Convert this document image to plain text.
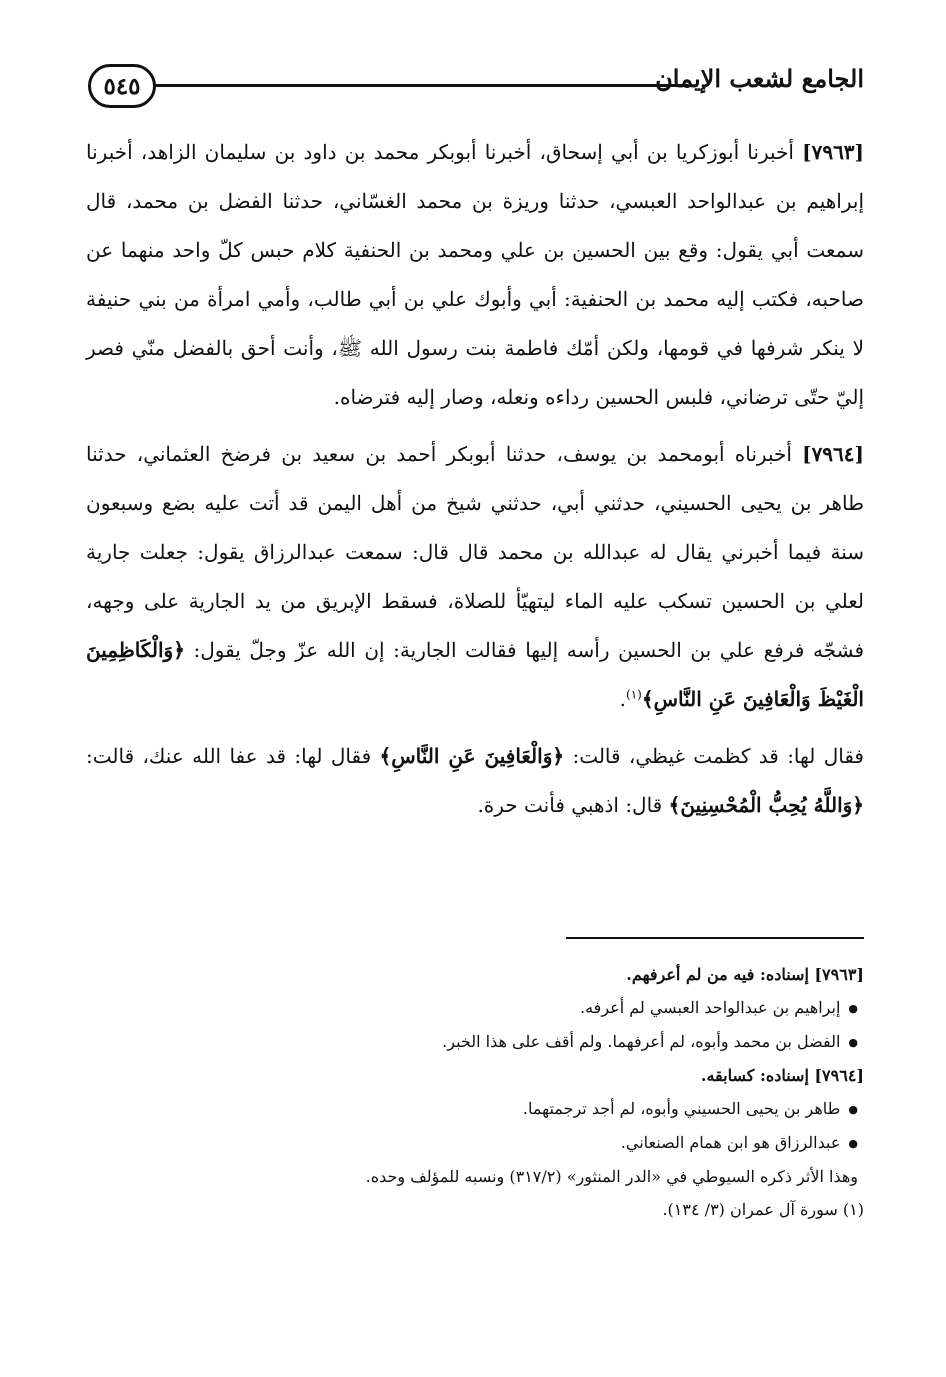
٥٤٥	الجامع لشعب الإيمان

[٧٩٦٣] أخبرنا أبوزكريا بن أبي إسحاق، أخبرنا أبوبكر محمد بن داود بن سليمان الزاهد، أخبرنا إبراهيم بن عبدالواحد العبسي، حدثنا وريزة بن محمد الغسّاني، حدثنا الفضل بن محمد، قال سمعت أبي يقول: وقع بين الحسين بن علي ومحمد بن الحنفية كلام حبس كلّ واحد منهما عن صاحبه، فكتب إليه محمد بن الحنفية: أبي وأبوك علي بن أبي طالب، وأمي امرأة من بني حنيفة لا ينكر شرفها في قومها، ولكن أمّك فاطمة بنت رسول الله ﷺ، وأنت أحق بالفضل منّي فصر إليّ حتّى ترضاني، فلبس الحسين رداءه ونعله، وصار إليه فترضاه.

[٧٩٦٤] أخبرناه أبومحمد بن يوسف، حدثنا أبوبكر أحمد بن سعيد بن فرضخ العثماني، حدثنا طاهر بن يحيى الحسيني، حدثني أبي، حدثني شيخ من أهل اليمن قد أتت عليه بضع وسبعون سنة فيما أخبرني يقال له عبدالله بن محمد قال قال: سمعت عبدالرزاق يقول: جعلت جارية لعلي بن الحسين تسكب عليه الماء ليتهيّأ للصلاة، فسقط الإبريق من يد الجارية على وجهه، فشجّه فرفع علي بن الحسين رأسه إليها فقالت الجارية: إن الله عزّ وجلّ يقول: ﴿وَالْكَاظِمِينَ الْغَيْظَ وَالْعَافِينَ عَنِ النَّاسِ﴾$^{(١)}$.

فقال لها: قد كظمت غيظي، قالت: ﴿وَالْعَافِينَ عَنِ النَّاسِ﴾ فقال لها: قد عفا الله عنك، قالت: ﴿وَاللَّهُ يُحِبُّ الْمُحْسِنِينَ﴾ قال: اذهبي فأنت حرة.

[٧٩٦٣] إسناده: فيه من لم أعرفهم.

● إبراهيم بن عبدالواحد العبسي لم أعرفه.

● الفضل بن محمد وأبوه، لم أعرفهما. ولم أقف على هذا الخبر.

[٧٩٦٤] إسناده: كسابقه.

● طاهر بن يحيى الحسيني وأبوه، لم أجد ترجمتهما.

● عبدالرزاق هو ابن همام الصنعاني.

وهذا الأثر ذكره السيوطي في «الدر المنثور» (٣١٧/٢) ونسبه للمؤلف وحده.

(١) سورة آل عمران (٣/ ١٣٤).
